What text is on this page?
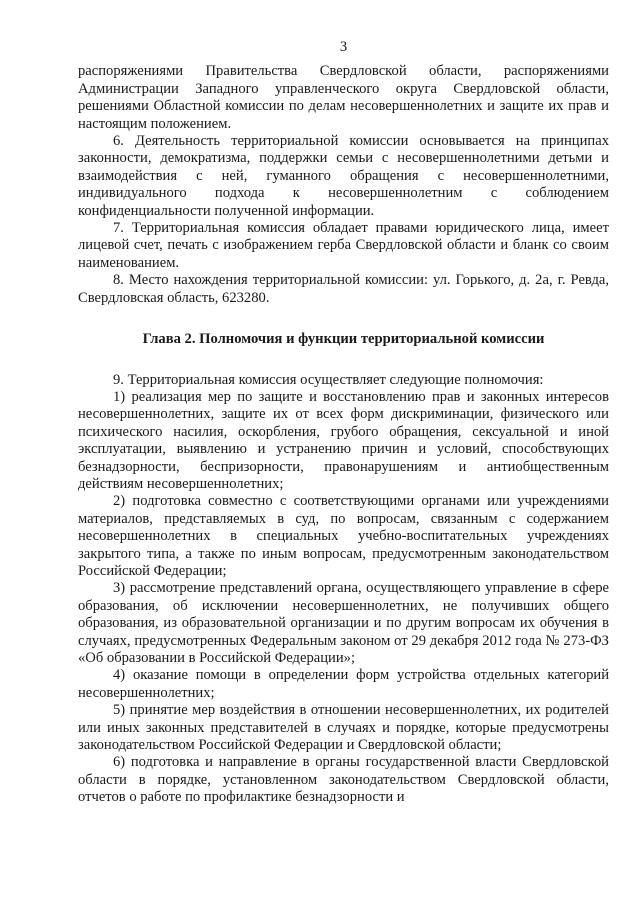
3

распоряжениями Правительства Свердловской области, распоряжениями Администрации Западного управленческого округа Свердловской области, решениями Областной комиссии по делам несовершеннолетних и защите их прав и настоящим положением.

6. Деятельность территориальной комиссии основывается на принципах законности, демократизма, поддержки семьи с несовершеннолетними детьми и взаимодействия с ней, гуманного обращения с несовершеннолетними, индивидуального подхода к несовершеннолетним с соблюдением конфиденциальности полученной информации.

7. Территориальная комиссия обладает правами юридического лица, имеет лицевой счет, печать с изображением герба Свердловской области и бланк со своим наименованием.

8. Место нахождения территориальной комиссии: ул. Горького, д. 2а, г. Ревда, Свердловская область, 623280.

Глава 2. Полномочия и функции территориальной комиссии

9. Территориальная комиссия осуществляет следующие полномочия:

1) реализация мер по защите и восстановлению прав и законных интересов несовершеннолетних, защите их от всех форм дискриминации, физического или психического насилия, оскорбления, грубого обращения, сексуальной и иной эксплуатации, выявлению и устранению причин и условий, способствующих безнадзорности, беспризорности, правонарушениям и антиобщественным действиям несовершеннолетних;

2) подготовка совместно с соответствующими органами или учреждениями материалов, представляемых в суд, по вопросам, связанным с содержанием несовершеннолетних в специальных учебно-воспитательных учреждениях закрытого типа, а также по иным вопросам, предусмотренным законодательством Российской Федерации;

3) рассмотрение представлений органа, осуществляющего управление в сфере образования, об исключении несовершеннолетних, не получивших общего образования, из образовательной организации и по другим вопросам их обучения в случаях, предусмотренных Федеральным законом от 29 декабря 2012 года № 273-ФЗ «Об образовании в Российской Федерации»;

4) оказание помощи в определении форм устройства отдельных категорий несовершеннолетних;

5) принятие мер воздействия в отношении несовершеннолетних, их родителей или иных законных представителей в случаях и порядке, которые предусмотрены законодательством Российской Федерации и Свердловской области;

6) подготовка и направление в органы государственной власти Свердловской области в порядке, установленном законодательством Свердловской области, отчетов о работе по профилактике безнадзорности и
